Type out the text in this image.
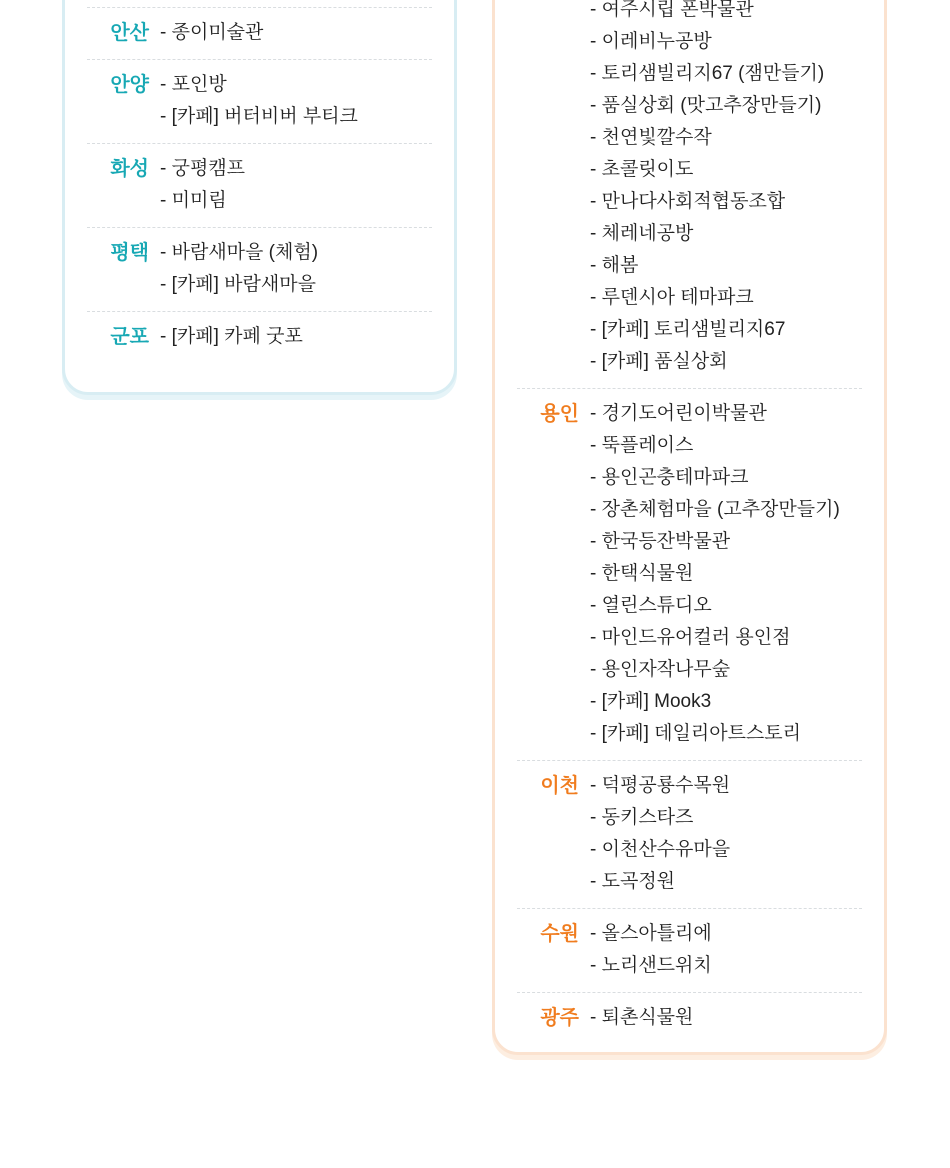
안산 - 종이미술관
안양 - 포인방
- [카페] 버터비버 부티크
화성 - 궁평캠프
- 미미림
평택 - 바람새마을 (체험)
- [카페] 바람새마을
군포 - [카페] 카페 굿포
- 여주시립 폰박물관
- 이레비누공방
- 토리샘빌리지67 (잼만들기)
- 품실상회 (맛고추장만들기)
- 천연빛깔수작
- 초콜릿이도
- 만나다사회적협동조합
- 체레네공방
- 해봄
- 루덴시아 테마파크
- [카페] 토리샘빌리지67
- [카페] 품실상회
용인 - 경기도어린이박물관
- 뚝플레이스
- 용인곤충테마파크
- 장촌체험마을 (고추장만들기)
- 한국등잔박물관
- 한택식물원
- 열린스튜디오
- 마인드유어컬러 용인점
- 용인자작나무숲
- [카페] Mook3
- [카페] 데일리아트스토리
이천 - 덕평공룡수목원
- 동키스타즈
- 이천산수유마을
- 도곡정원
수원 - 올스아틀리에
- 노리샌드위치
광주 - 퇴촌식물원
